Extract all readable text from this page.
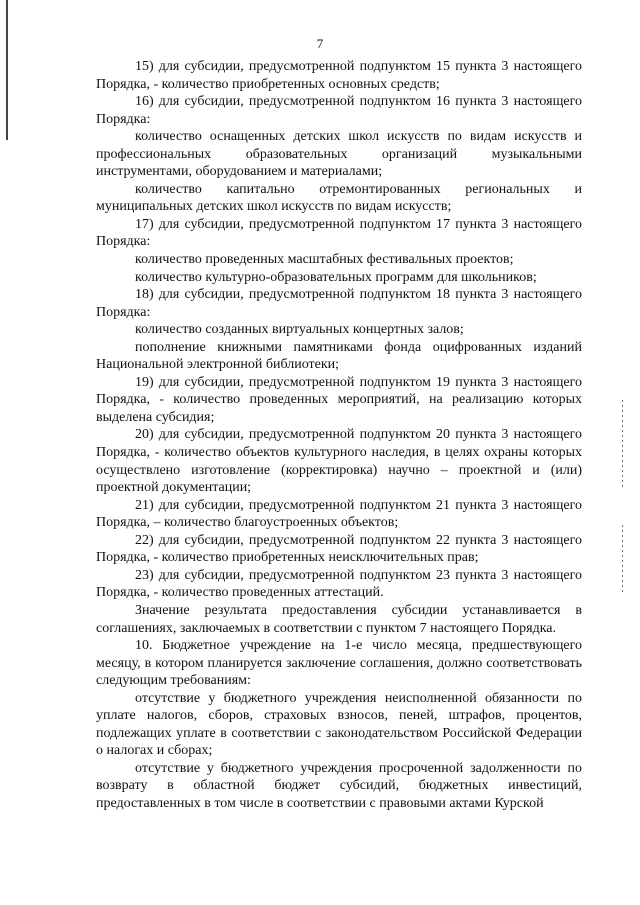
7

15) для субсидии, предусмотренной подпунктом 15 пункта 3 настоящего Порядка, - количество приобретенных основных средств;

16) для субсидии, предусмотренной подпунктом 16 пункта 3 настоящего Порядка:

количество оснащенных детских школ искусств по видам искусств и профессиональных образовательных организаций музыкальными инструментами, оборудованием и материалами;

количество капитально отремонтированных региональных и муниципальных детских школ искусств по видам искусств;

17) для субсидии, предусмотренной подпунктом 17 пункта 3 настоящего Порядка:

количество проведенных масштабных фестивальных проектов;

количество культурно-образовательных программ для школьников;

18) для субсидии, предусмотренной подпунктом 18 пункта 3 настоящего Порядка:

количество созданных виртуальных концертных залов;

пополнение книжными памятниками фонда оцифрованных изданий Национальной электронной библиотеки;

19) для субсидии, предусмотренной подпунктом 19 пункта 3 настоящего Порядка, - количество проведенных мероприятий, на реализацию которых выделена субсидия;

20) для субсидии, предусмотренной подпунктом 20 пункта 3 настоящего Порядка, - количество объектов культурного наследия, в целях охраны которых осуществлено изготовление (корректировка) научно – проектной и (или) проектной документации;

21) для субсидии, предусмотренной подпунктом 21 пункта 3 настоящего Порядка, – количество благоустроенных объектов;

22) для субсидии, предусмотренной подпунктом 22 пункта 3 настоящего Порядка, - количество приобретенных неисключительных прав;

23) для субсидии, предусмотренной подпунктом 23 пункта 3 настоящего Порядка, - количество проведенных аттестаций.

Значение результата предоставления субсидии устанавливается в соглашениях, заключаемых в соответствии с пунктом 7 настоящего Порядка.

10. Бюджетное учреждение на 1-е число месяца, предшествующего месяцу, в котором планируется заключение соглашения, должно соответствовать следующим требованиям:

отсутствие у бюджетного учреждения неисполненной обязанности по уплате налогов, сборов, страховых взносов, пеней, штрафов, процентов, подлежащих уплате в соответствии с законодательством Российской Федерации о налогах и сборах;

отсутствие у бюджетного учреждения просроченной задолженности по возврату в областной бюджет субсидий, бюджетных инвестиций, предоставленных в том числе в соответствии с правовыми актами Курской
